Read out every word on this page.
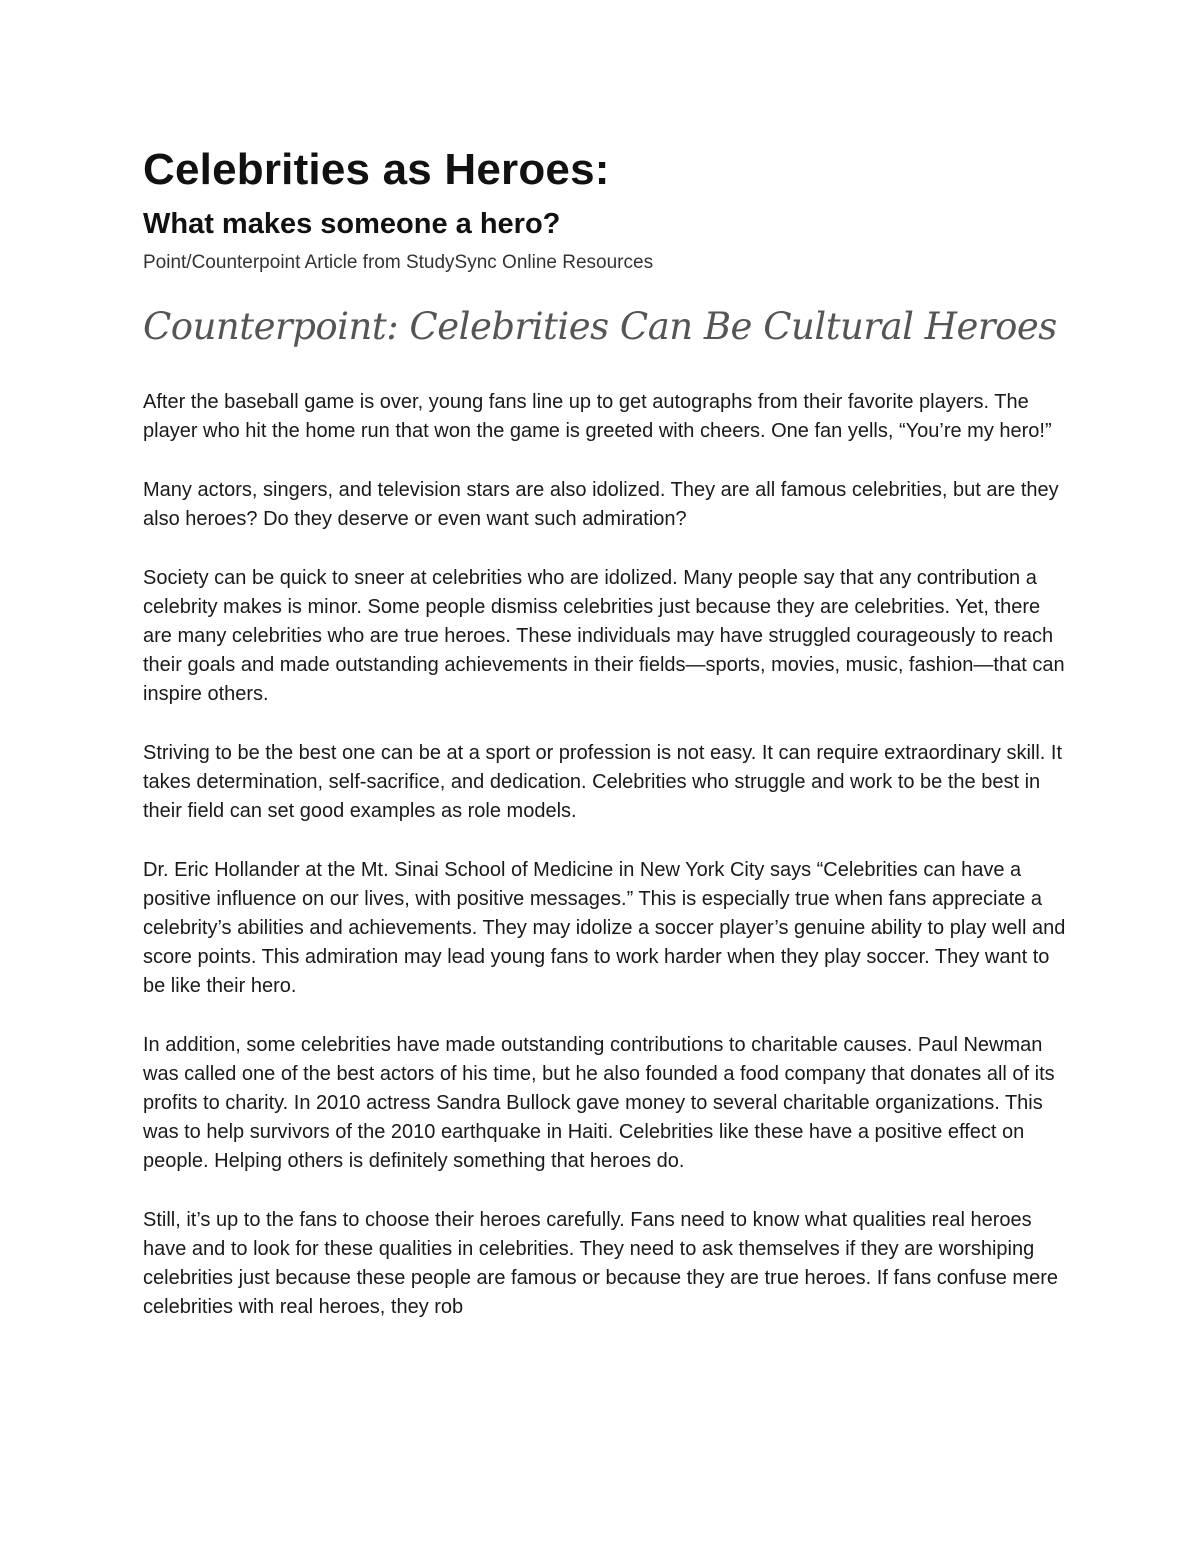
Celebrities as Heroes:
What makes someone a hero?

Point/Counterpoint Article from StudySync Online Resources

Counterpoint: Celebrities Can Be Cultural Heroes

After the baseball game is over, young fans line up to get autographs from their favorite players. The player who hit the home run that won the game is greeted with cheers. One fan yells, “You’re my hero!”

Many actors, singers, and television stars are also idolized. They are all famous celebrities, but are they also heroes? Do they deserve or even want such admiration?

Society can be quick to sneer at celebrities who are idolized. Many people say that any contribution a celebrity makes is minor. Some people dismiss celebrities just because they are celebrities. Yet, there are many celebrities who are true heroes. These individuals may have struggled courageously to reach their goals and made outstanding achievements in their fields—sports, movies, music, fashion—that can inspire others.

Striving to be the best one can be at a sport or profession is not easy. It can require extraordinary skill. It takes determination, self-sacrifice, and dedication. Celebrities who struggle and work to be the best in their field can set good examples as role models.

Dr. Eric Hollander at the Mt. Sinai School of Medicine in New York City says “Celebrities can have a positive influence on our lives, with positive messages.” This is especially true when fans appreciate a celebrity’s abilities and achievements. They may idolize a soccer player’s genuine ability to play well and score points. This admiration may lead young fans to work harder when they play soccer. They want to be like their hero.

In addition, some celebrities have made outstanding contributions to charitable causes. Paul Newman was called one of the best actors of his time, but he also founded a food company that donates all of its profits to charity. In 2010 actress Sandra Bullock gave money to several charitable organizations. This was to help survivors of the 2010 earthquake in Haiti. Celebrities like these have a positive effect on people. Helping others is definitely something that heroes do.

Still, it’s up to the fans to choose their heroes carefully. Fans need to know what qualities real heroes have and to look for these qualities in celebrities. They need to ask themselves if they are worshiping celebrities just because these people are famous or because they are true heroes. If fans confuse mere celebrities with real heroes, they rob
